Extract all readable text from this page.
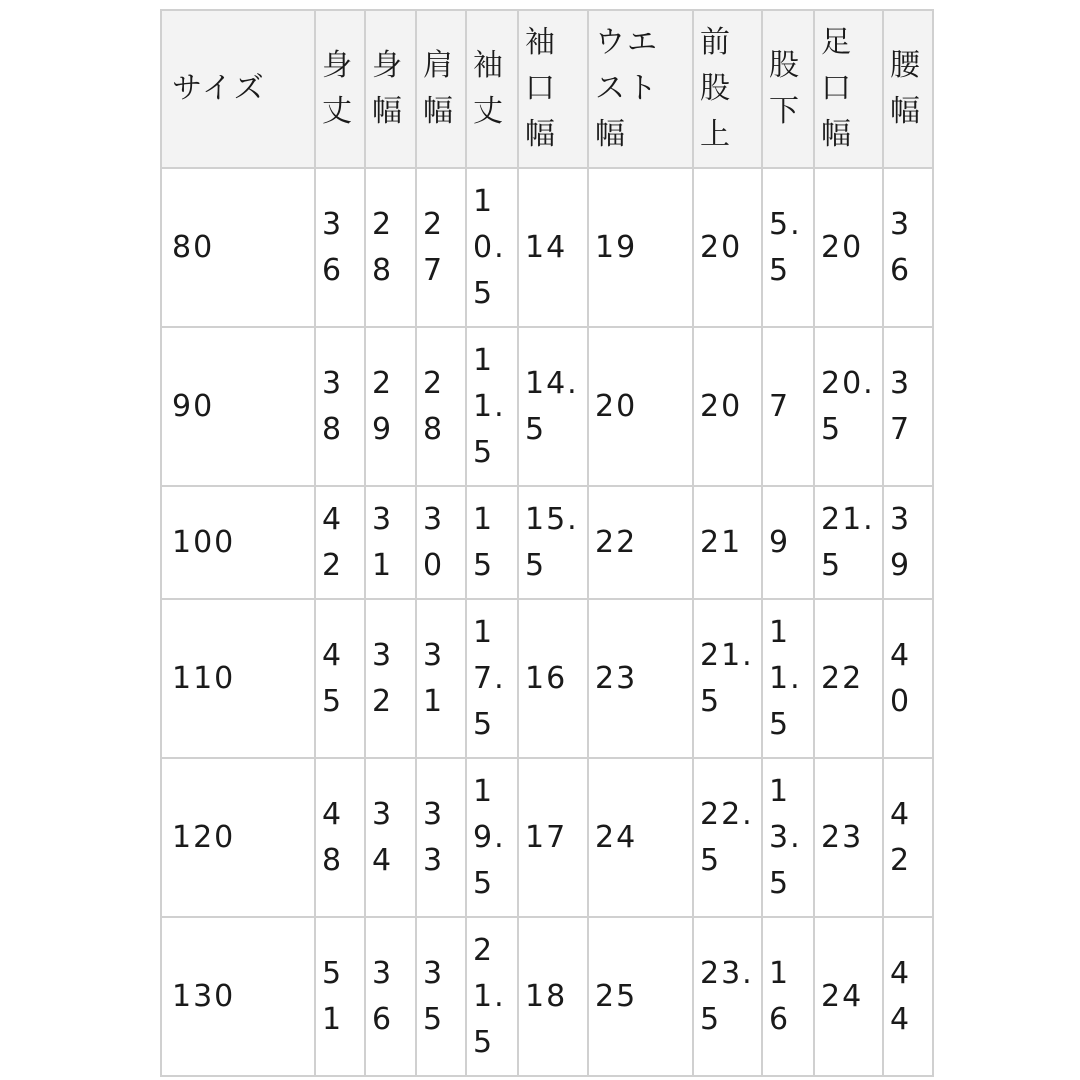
サイズ	身丈	身幅	肩幅	袖丈	袖口幅	ウエスト幅	前股上	股下	足口幅	腰幅
80	36	28	27	10.5	14	19	20	5.5	20	36
90	38	29	28	11.5	14.5	20	20	7	20.5	37
100	42	31	30	15	15.5	22	21	9	21.5	39
110	45	32	31	17.5	16	23	21.5	11.5	22	40
120	48	34	33	19.5	17	24	22.5	13.5	23	42
130	51	36	35	21.5	18	25	23.5	16	24	44
